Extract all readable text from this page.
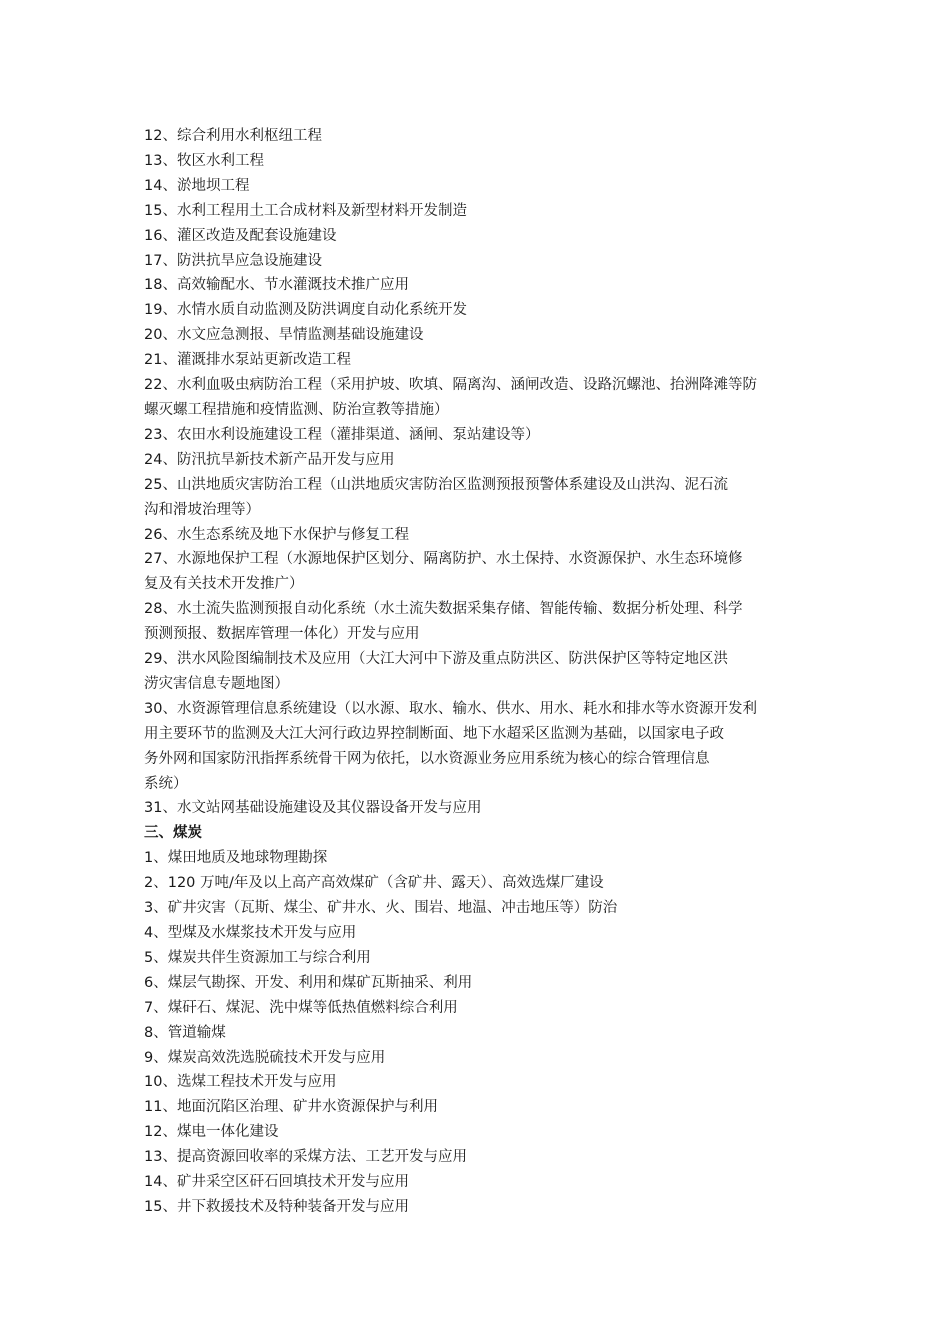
12、综合利用水利枢纽工程
13、牧区水利工程
14、淤地坝工程
15、水利工程用土工合成材料及新型材料开发制造
16、灌区改造及配套设施建设
17、防洪抗旱应急设施建设
18、高效输配水、节水灌溉技术推广应用
19、水情水质自动监测及防洪调度自动化系统开发
20、水文应急测报、旱情监测基础设施建设
21、灌溉排水泵站更新改造工程
22、水利血吸虫病防治工程（采用护坡、吹填、隔离沟、涵闸改造、设路沉螺池、抬洲降滩等防
螺灭螺工程措施和疫情监测、防治宣教等措施）
23、农田水利设施建设工程（灌排渠道、涵闸、泵站建设等）
24、防汛抗旱新技术新产品开发与应用
25、山洪地质灾害防治工程（山洪地质灾害防治区监测预报预警体系建设及山洪沟、泥石流
沟和滑坡治理等）
26、水生态系统及地下水保护与修复工程
27、水源地保护工程（水源地保护区划分、隔离防护、水土保持、水资源保护、水生态环境修
复及有关技术开发推广）
28、水土流失监测预报自动化系统（水土流失数据采集存储、智能传输、数据分析处理、科学
预测预报、数据库管理一体化）开发与应用
29、洪水风险图编制技术及应用（大江大河中下游及重点防洪区、防洪保护区等特定地区洪
涝灾害信息专题地图）
30、水资源管理信息系统建设（以水源、取水、输水、供水、用水、耗水和排水等水资源开发利
用主要环节的监测及大江大河行政边界控制断面、地下水超采区监测为基础，以国家电子政
务外网和国家防汛指挥系统骨干网为依托，以水资源业务应用系统为核心的综合管理信息
系统）
31、水文站网基础设施建设及其仪器设备开发与应用
三、煤炭
1、煤田地质及地球物理勘探
2、120 万吨/年及以上高产高效煤矿（含矿井、露天）、高效选煤厂建设
3、矿井灾害（瓦斯、煤尘、矿井水、火、围岩、地温、冲击地压等）防治
4、型煤及水煤浆技术开发与应用
5、煤炭共伴生资源加工与综合利用
6、煤层气勘探、开发、利用和煤矿瓦斯抽采、利用
7、煤矸石、煤泥、洗中煤等低热值燃料综合利用
8、管道输煤
9、煤炭高效洗选脱硫技术开发与应用
10、选煤工程技术开发与应用
11、地面沉陷区治理、矿井水资源保护与利用
12、煤电一体化建设
13、提高资源回收率的采煤方法、工艺开发与应用
14、矿井采空区矸石回填技术开发与应用
15、井下救援技术及特种装备开发与应用
